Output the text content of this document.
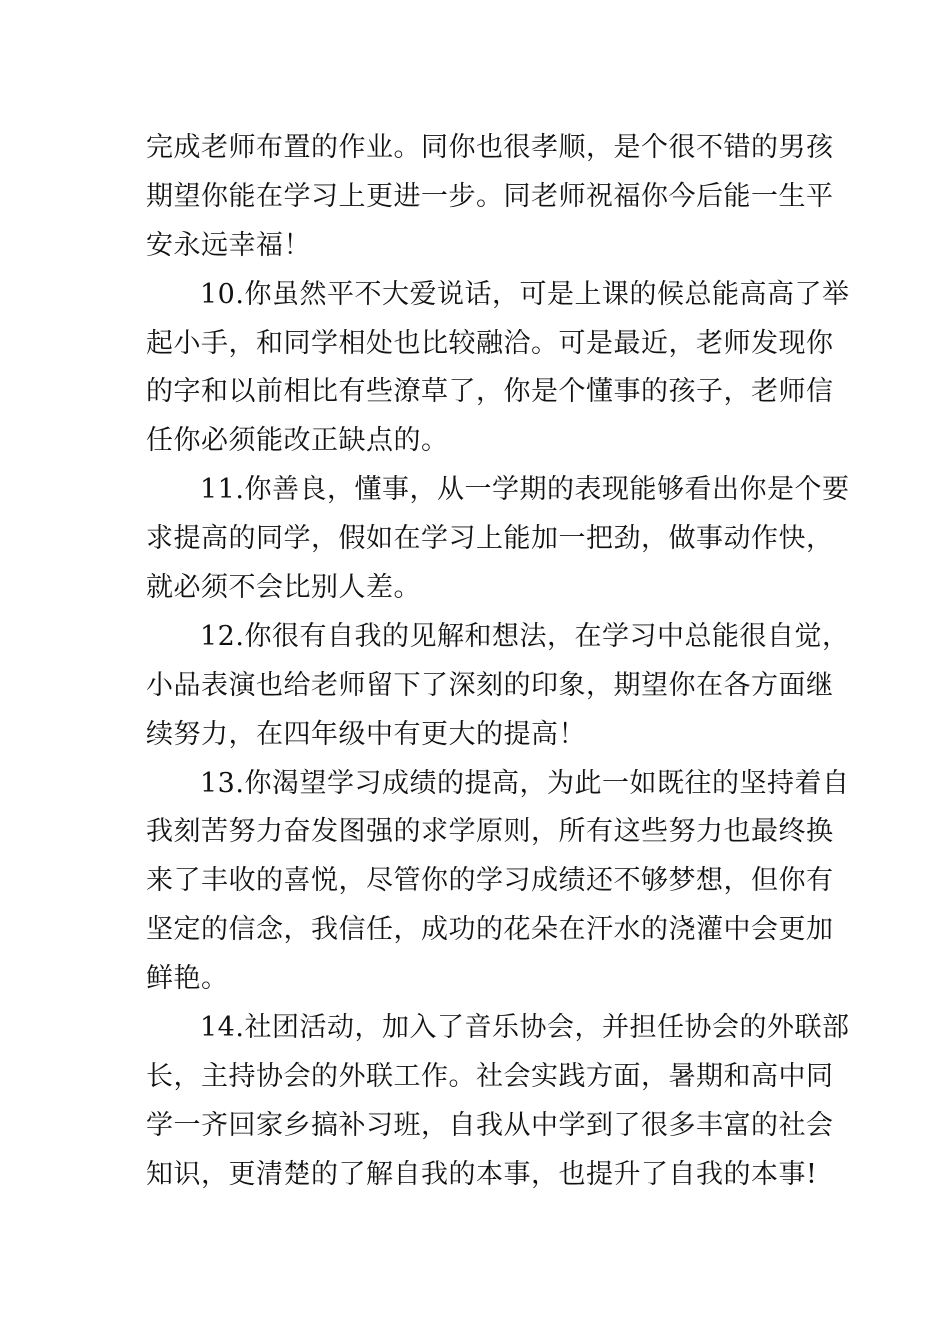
完成老师布置的作业。同你也很孝顺，是个很不错的男孩
期望你能在学习上更进一步。同老师祝福你今后能一生平
安永远幸福！
10.你虽然平不大爱说话，可是上课的候总能高高了举
起小手，和同学相处也比较融洽。可是最近，老师发现你
的字和以前相比有些潦草了，你是个懂事的孩子，老师信
任你必须能改正缺点的。
11.你善良，懂事，从一学期的表现能够看出你是个要
求提高的同学，假如在学习上能加一把劲，做事动作快，
就必须不会比别人差。
12.你很有自我的见解和想法，在学习中总能很自觉，
小品表演也给老师留下了深刻的印象，期望你在各方面继
续努力，在四年级中有更大的提高！
13.你渴望学习成绩的提高，为此一如既往的坚持着自
我刻苦努力奋发图强的求学原则，所有这些努力也最终换
来了丰收的喜悦，尽管你的学习成绩还不够梦想，但你有
坚定的信念，我信任，成功的花朵在汗水的浇灌中会更加
鲜艳。
14.社团活动，加入了音乐协会，并担任协会的外联部
长，主持协会的外联工作。社会实践方面，暑期和高中同
学一齐回家乡搞补习班，自我从中学到了很多丰富的社会
知识，更清楚的了解自我的本事，也提升了自我的本事!
